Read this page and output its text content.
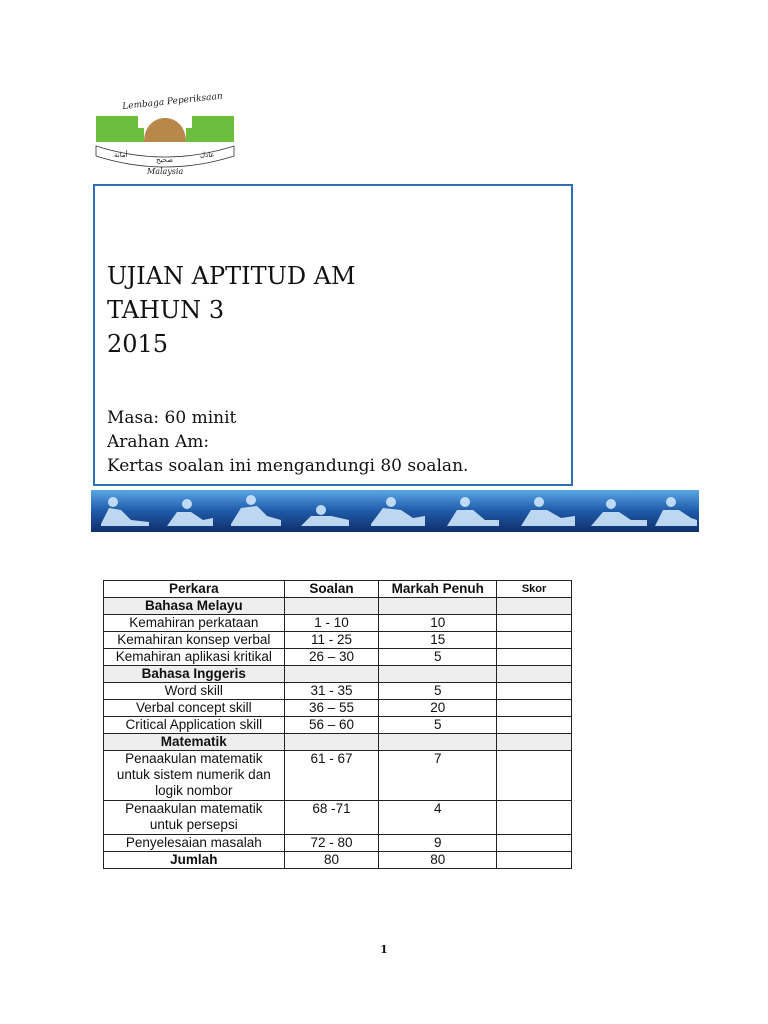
Lembaga Peperiksaan
أمانة
صحيح
عادل
Malaysia
UJIAN APTITUD AM
TAHUN 3
2015
Masa: 60 minit
Arahan Am:
Kertas soalan ini mengandungi 80 soalan.
Perkara	Soalan	Markah Penuh	Skor
Bahasa Melayu			
Kemahiran perkataan	1 - 10	10	
Kemahiran konsep verbal	11 - 25	15	
Kemahiran aplikasi kritikal	26 – 30	5	
Bahasa Inggeris			
Word skill	31 - 35	5	
Verbal concept skill	36 – 55	20	
Critical Application skill	56 – 60	5	
Matematik			
Penaakulan matematik untuk sistem numerik dan logik nombor	61 - 67	7	
Penaakulan matematik untuk persepsi	68 -71	4	
Penyelesaian masalah	72 - 80	9	
Jumlah	80	80	
1
